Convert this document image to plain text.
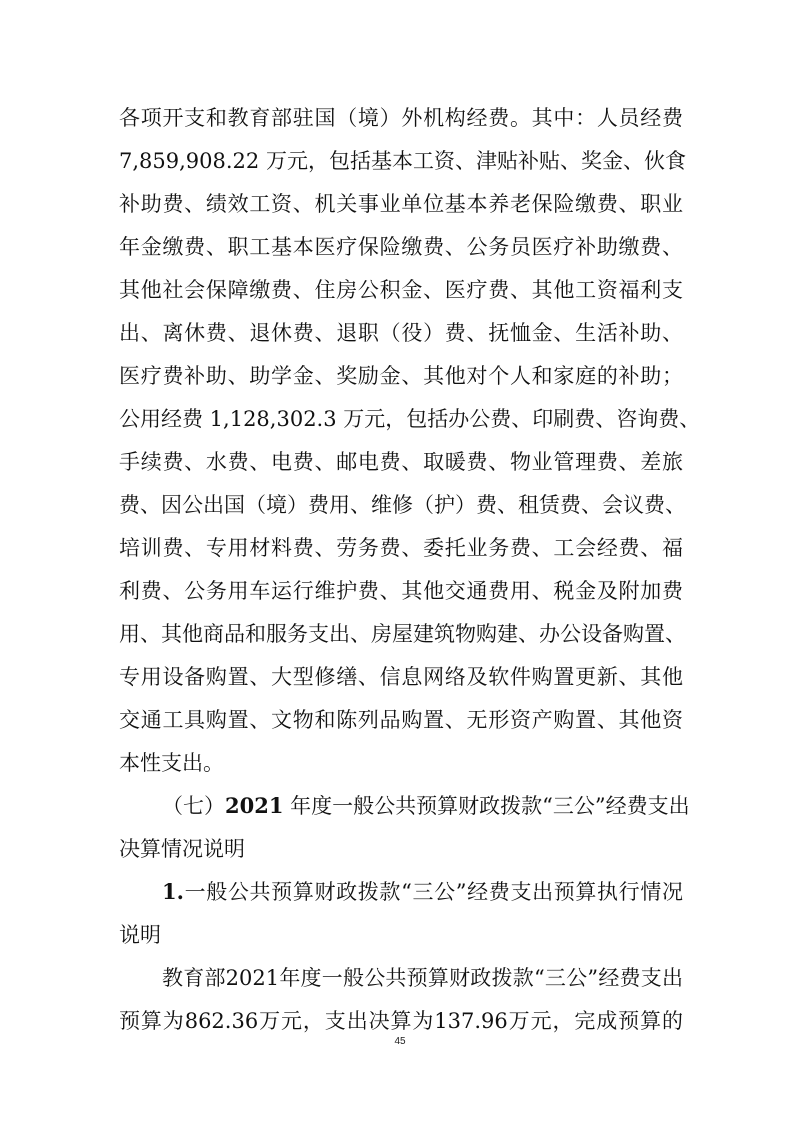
各项开支和教育部驻国（境）外机构经费。其中：人员经费
7,859,908.22 万元，包括基本工资、津贴补贴、奖金、伙食
补助费、绩效工资、机关事业单位基本养老保险缴费、职业
年金缴费、职工基本医疗保险缴费、公务员医疗补助缴费、
其他社会保障缴费、住房公积金、医疗费、其他工资福利支
出、离休费、退休费、退职（役）费、抚恤金、生活补助、
医疗费补助、助学金、奖励金、其他对个人和家庭的补助；
公用经费 1,128,302.3 万元，包括办公费、印刷费、咨询费、
手续费、水费、电费、邮电费、取暖费、物业管理费、差旅
费、因公出国（境）费用、维修（护）费、租赁费、会议费、
培训费、专用材料费、劳务费、委托业务费、工会经费、福
利费、公务用车运行维护费、其他交通费用、税金及附加费
用、其他商品和服务支出、房屋建筑物购建、办公设备购置、
专用设备购置、大型修缮、信息网络及软件购置更新、其他
交通工具购置、文物和陈列品购置、无形资产购置、其他资
本性支出。
（七）2021 年度一般公共预算财政拨款“三公”经费支出
决算情况说明
1.一般公共预算财政拨款“三公”经费支出预算执行情况
说明
教育部2021年度一般公共预算财政拨款“三公”经费支出
预算为862.36万元，支出决算为137.96万元，完成预算的
45
